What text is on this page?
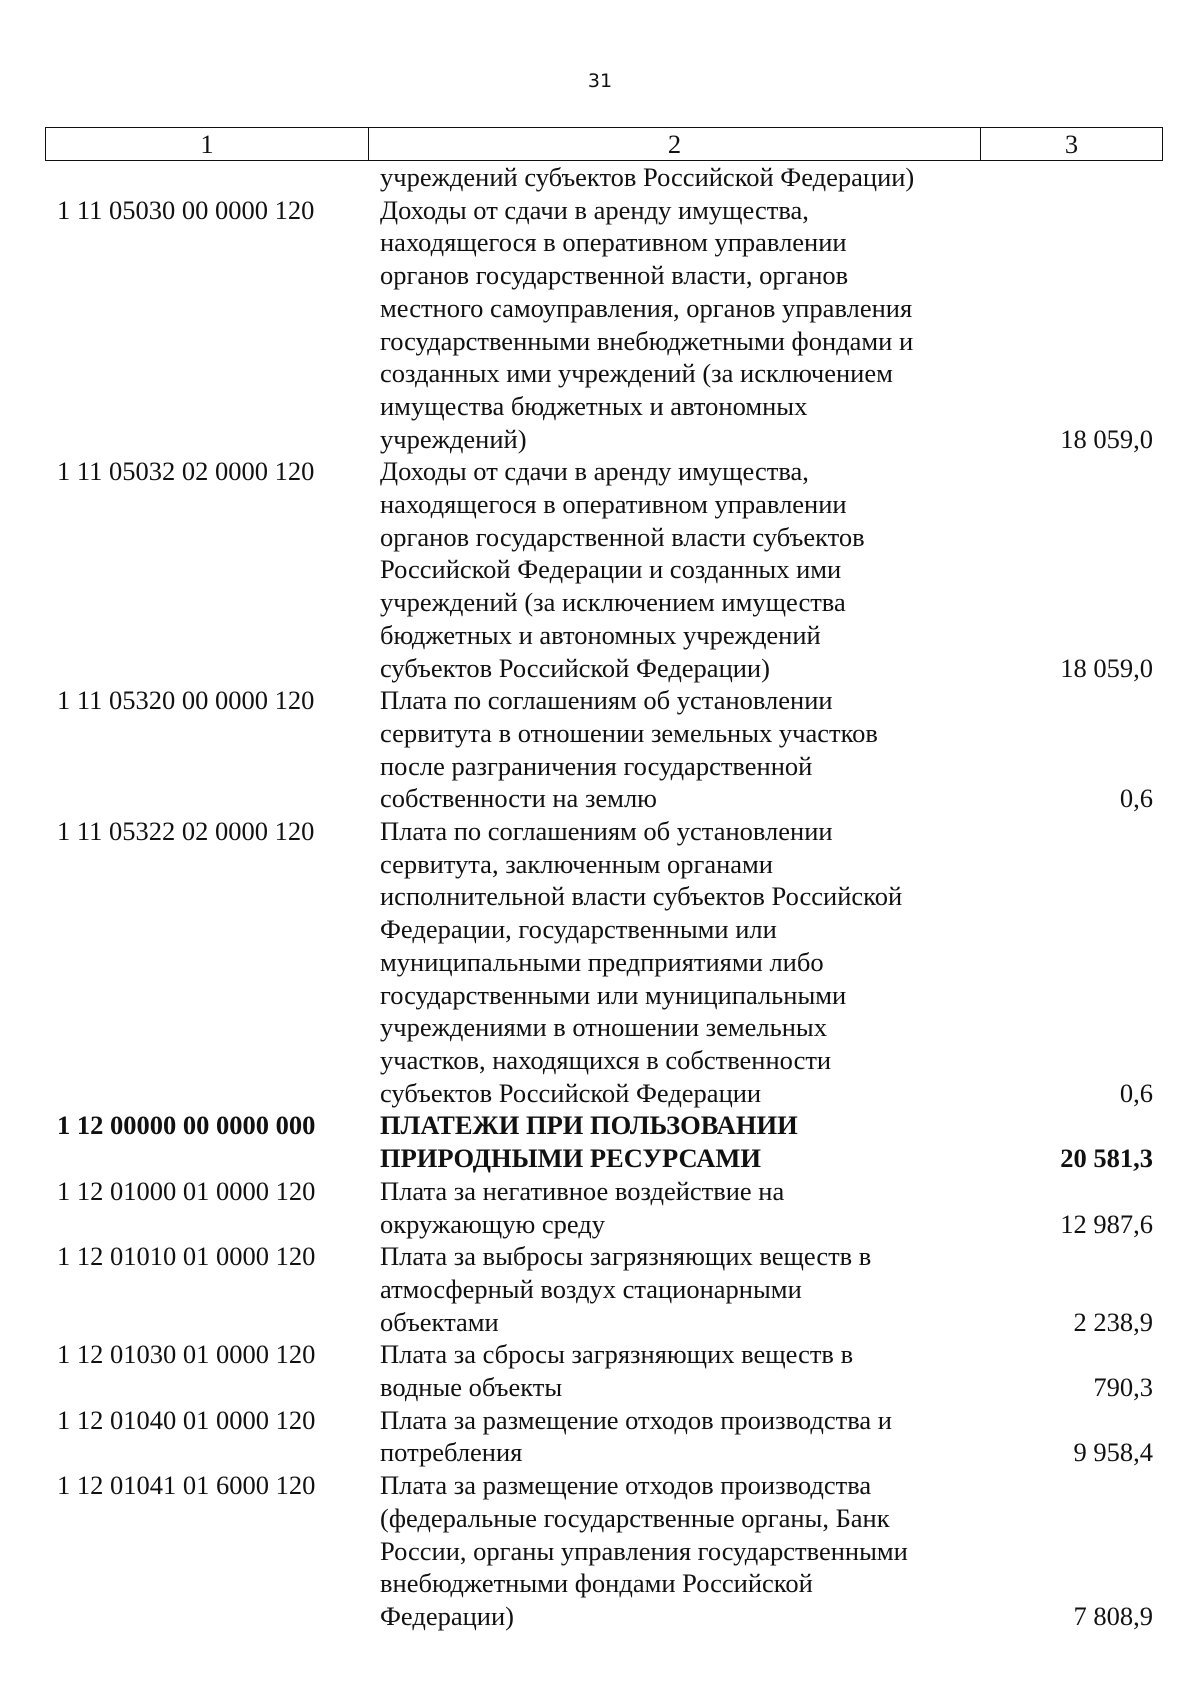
31
1	2	3
учреждений субъектов Российской Федерации)
1 11 05030 00 0000 120	Доходы от сдачи в аренду имущества,
находящегося в оперативном управлении
органов государственной власти, органов
местного самоуправления, органов управления
государственными внебюджетными фондами и
созданных ими учреждений (за исключением
имущества бюджетных и автономных
учреждений)	18 059,0
1 11 05032 02 0000 120	Доходы от сдачи в аренду имущества,
находящегося в оперативном управлении
органов государственной власти субъектов
Российской Федерации и созданных ими
учреждений (за исключением имущества
бюджетных и автономных учреждений
субъектов Российской Федерации)	18 059,0
1 11 05320 00 0000 120	Плата по соглашениям об установлении
сервитута в отношении земельных участков
после разграничения государственной
собственности на землю	0,6
1 11 05322 02 0000 120	Плата по соглашениям об установлении
сервитута, заключенным органами
исполнительной власти субъектов Российской
Федерации, государственными или
муниципальными предприятиями либо
государственными или муниципальными
учреждениями в отношении земельных
участков, находящихся в собственности
субъектов Российской Федерации	0,6
1 12 00000 00 0000 000	ПЛАТЕЖИ ПРИ ПОЛЬЗОВАНИИ
ПРИРОДНЫМИ РЕСУРСАМИ	20 581,3
1 12 01000 01 0000 120	Плата за негативное воздействие на
окружающую среду	12 987,6
1 12 01010 01 0000 120	Плата за выбросы загрязняющих веществ в
атмосферный воздух стационарными
объектами	2 238,9
1 12 01030 01 0000 120	Плата за сбросы загрязняющих веществ в
водные объекты	790,3
1 12 01040 01 0000 120	Плата за размещение отходов производства и
потребления	9 958,4
1 12 01041 01 6000 120	Плата за размещение отходов производства
(федеральные государственные органы, Банк
России, органы управления государственными
внебюджетными фондами Российской
Федерации)	7 808,9
